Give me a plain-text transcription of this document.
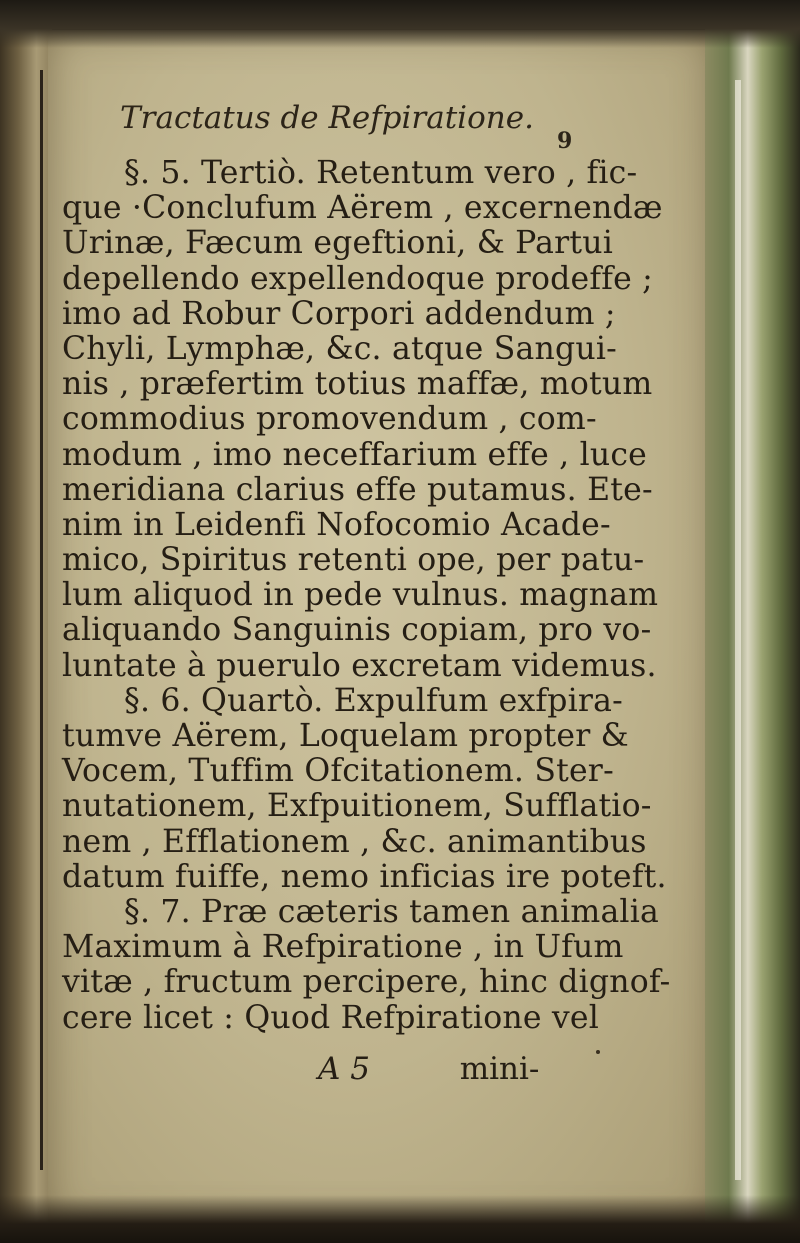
Tractatus de Refpiratione.
9
§. 5. Tertiò. Retentum vero , fic-
que ·Conclufum Aërem , excernendæ
Urinæ, Fæcum egeftioni, & Partui
depellendo expellendoque prodeffe ;
imo ad Robur Corpori addendum ;
Chyli, Lymphæ, &c. atque Sangui-
nis , præfertim totius maffæ, motum
commodius promovendum , com-
modum , imo neceffarium effe , luce
meridiana clarius effe putamus. Ete-
nim in Leidenfi Nofocomio Acade-
mico, Spiritus retenti ope, per patu-
lum aliquod in pede vulnus. magnam
aliquando Sanguinis copiam, pro vo-
luntate à puerulo excretam videmus.
§. 6. Quartò. Expulfum exfpira-
tumve Aërem, Loquelam propter &
Vocem, Tuffim Ofcitationem. Ster-
nutationem, Exfpuitionem, Sufflatio-
nem , Efflationem , &c. animantibus
datum fuiffe, nemo inficias ire poteft.
§. 7. Præ cæteris tamen animalia
Maximum à Refpiratione , in Ufum
vitæ , fructum percipere, hinc dignof-
cere licet : Quod Refpiratione vel
A 5	mini-
